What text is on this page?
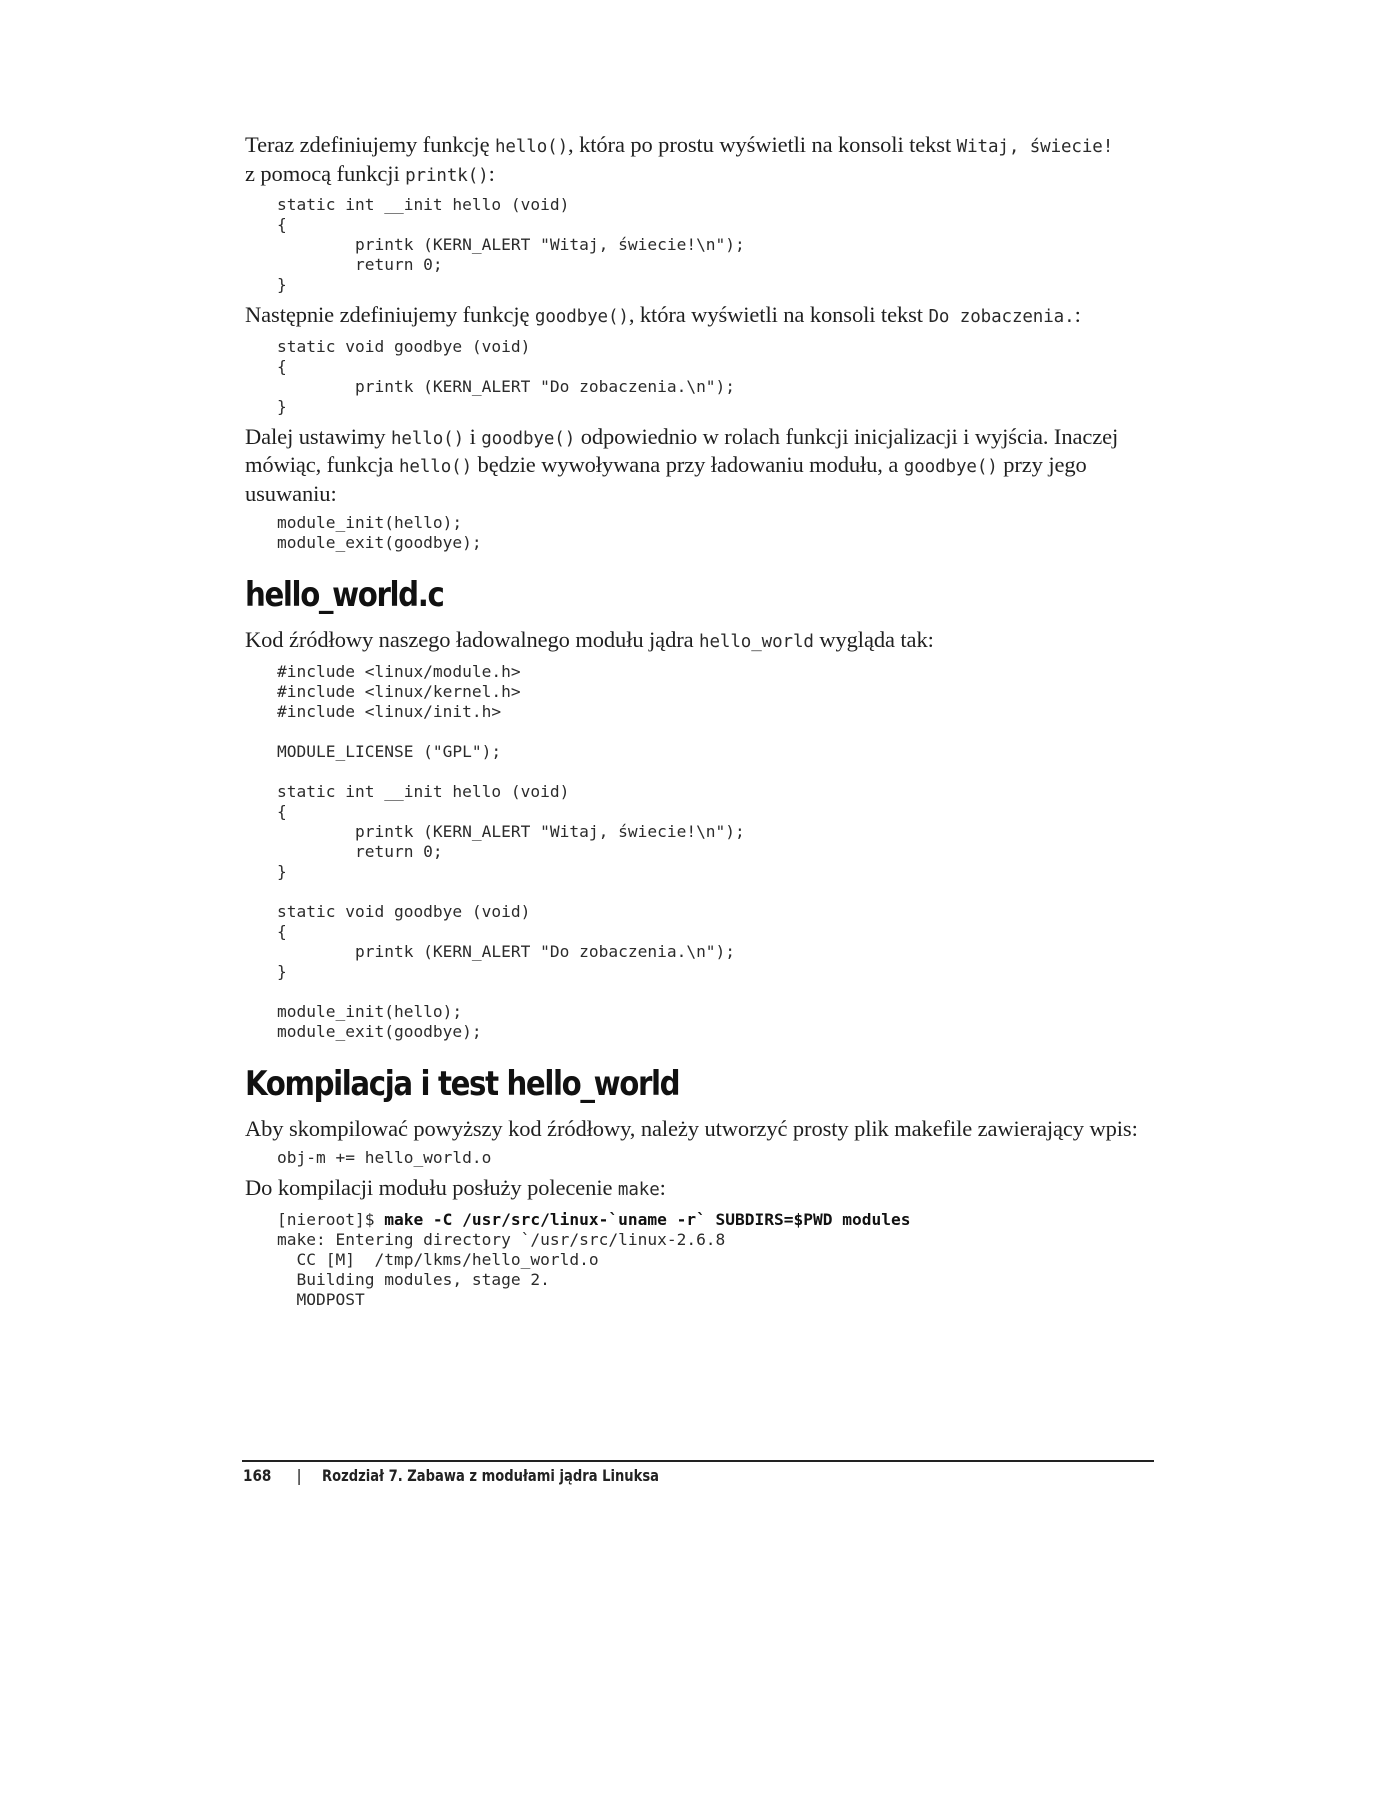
Teraz zdefiniujemy funkcję hello(), która po prostu wyświetli na konsoli tekst Witaj, świecie!
z pomocą funkcji printk():

static int __init hello (void)
{
printk (KERN_ALERT "Witaj, świecie!\n");
return 0;
}

Następnie zdefiniujemy funkcję goodbye(), która wyświetli na konsoli tekst Do zobaczenia.:

static void goodbye (void)
{
printk (KERN_ALERT "Do zobaczenia.\n");
}

Dalej ustawimy hello() i goodbye() odpowiednio w rolach funkcji inicjalizacji i wyjścia. Inaczej mówiąc, funkcja hello() będzie wywoływana przy ładowaniu modułu, a goodbye() przy jego usuwaniu:

module_init(hello);
module_exit(goodbye);
hello_world.c

Kod źródłowy naszego ładowalnego modułu jądra hello_world wygląda tak:

#include <linux/module.h>
#include <linux/kernel.h>
#include <linux/init.h>

MODULE_LICENSE ("GPL");

static int __init hello (void)
{
printk (KERN_ALERT "Witaj, świecie!\n");
return 0;
}

static void goodbye (void)
{
printk (KERN_ALERT "Do zobaczenia.\n");
}

module_init(hello);
module_exit(goodbye);
Kompilacja i test hello_world

Aby skompilować powyższy kod źródłowy, należy utworzyć prosty plik makefile zawierający wpis:

obj-m += hello_world.o

Do kompilacji modułu posłuży polecenie make:

[nieroot]$ make -C /usr/src/linux-`uname -r` SUBDIRS=$PWD modules
make: Entering directory `/usr/src/linux-2.6.8
CC [M]  /tmp/lkms/hello_world.o
Building modules, stage 2.
MODPOST
168 | Rozdział 7. Zabawa z modułami jądra Linuksa
